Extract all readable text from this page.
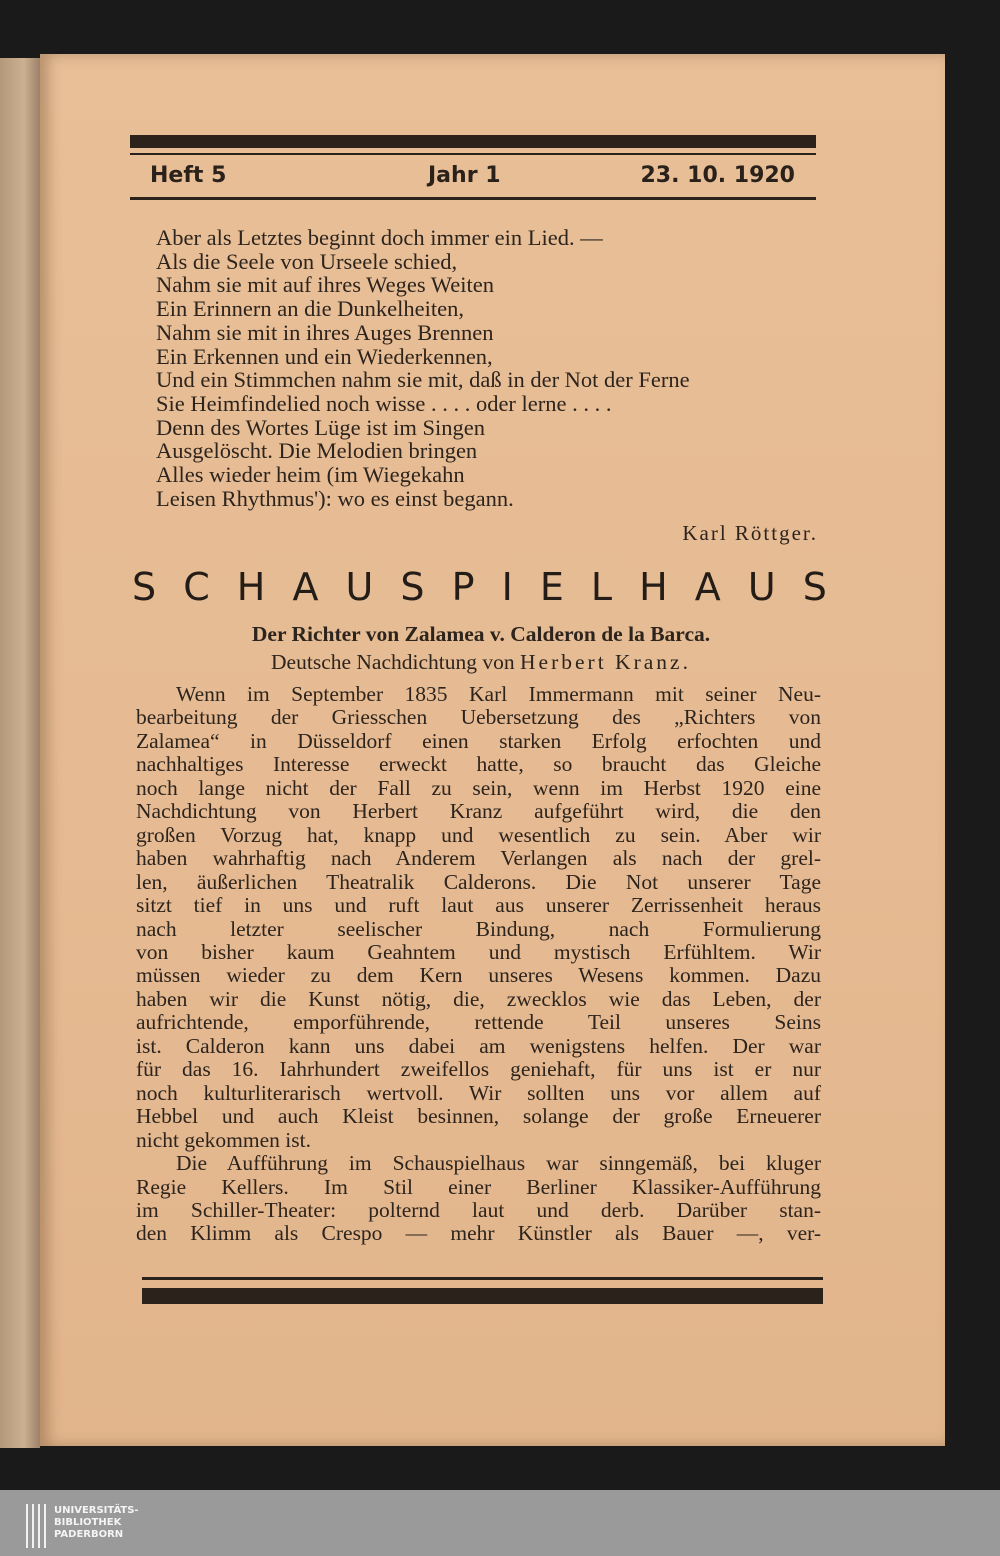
Heft 5	Jahr 1	23. 10. 1920
Aber als Letztes beginnt doch immer ein Lied. —
Als die Seele von Urseele schied,
Nahm sie mit auf ihres Weges Weiten
Ein Erinnern an die Dunkelheiten,
Nahm sie mit in ihres Auges Brennen
Ein Erkennen und ein Wiederkennen,
Und ein Stimmchen nahm sie mit, daß in der Not der Ferne
Sie Heimfindelied noch wisse . . . . oder lerne . . . .
Denn des Wortes Lüge ist im Singen
Ausgelöscht. Die Melodien bringen
Alles wieder heim (im Wiegekahn
Leisen Rhythmus'): wo es einst begann.
Karl Röttger.
S C H A U S P I E L H A U S
Der Richter von Zalamea v. Calderon de la Barca.
Deutsche Nachdichtung von Herbert Kranz.
Wenn im September 1835 Karl Immermann mit seiner Neu-
bearbeitung der Griesschen Uebersetzung des „Richters von
Zalamea“ in Düsseldorf einen starken Erfolg erfochten und
nachhaltiges Interesse erweckt hatte, so braucht das Gleiche
noch lange nicht der Fall zu sein, wenn im Herbst 1920 eine
Nachdichtung von Herbert Kranz aufgeführt wird, die den
großen Vorzug hat, knapp und wesentlich zu sein. Aber wir
haben wahrhaftig nach Anderem Verlangen als nach der grel-
len, äußerlichen Theatralik Calderons. Die Not unserer Tage
sitzt tief in uns und ruft laut aus unserer Zerrissenheit heraus
nach letzter seelischer Bindung, nach Formulierung
von bisher kaum Geahntem und mystisch Erfühltem. Wir
müssen wieder zu dem Kern unseres Wesens kommen. Dazu
haben wir die Kunst nötig, die, zwecklos wie das Leben, der
aufrichtende, emporführende, rettende Teil unseres Seins
ist. Calderon kann uns dabei am wenigstens helfen. Der war
für das 16. Iahrhundert zweifellos geniehaft, für uns ist er nur
noch kulturliterarisch wertvoll. Wir sollten uns vor allem auf
Hebbel und auch Kleist besinnen, solange der große Erneuerer
nicht gekommen ist.
Die Aufführung im Schauspielhaus war sinngemäß, bei kluger
Regie Kellers. Im Stil einer Berliner Klassiker-Aufführung
im Schiller-Theater: polternd laut und derb. Darüber stan-
den Klimm als Crespo — mehr Künstler als Bauer —, ver-
UNIVERSITÄTS-
BIBLIOTHEK
PADERBORN
